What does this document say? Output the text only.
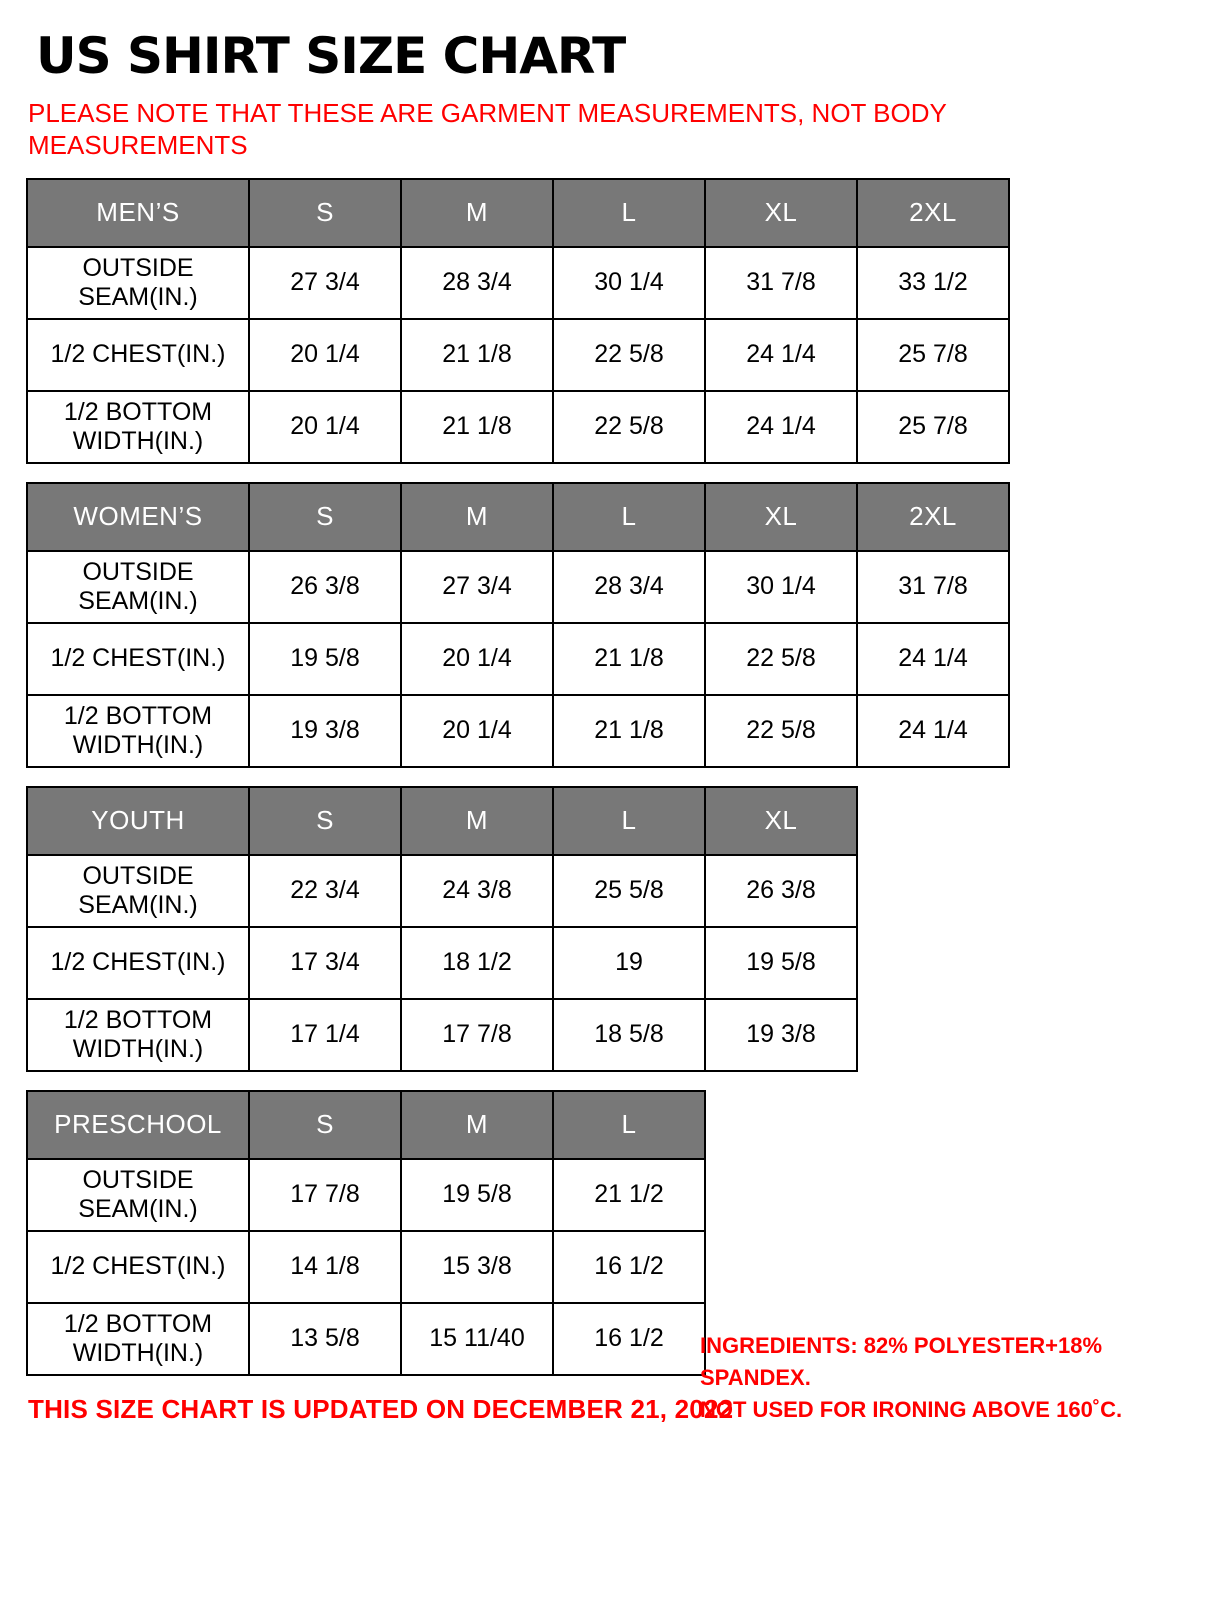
US SHIRT SIZE CHART
PLEASE NOTE THAT THESE ARE GARMENT MEASUREMENTS, NOT BODY MEASUREMENTS
MEN’S	S	M	L	XL	2XL
OUTSIDE SEAM(IN.)	27 3/4	28 3/4	30 1/4	31 7/8	33 1/2
1/2 CHEST(IN.)	20 1/4	21 1/8	22 5/8	24 1/4	25 7/8
1/2 BOTTOM WIDTH(IN.)	20 1/4	21 1/8	22 5/8	24 1/4	25 7/8
WOMEN’S	S	M	L	XL	2XL
OUTSIDE SEAM(IN.)	26 3/8	27 3/4	28 3/4	30 1/4	31 7/8
1/2 CHEST(IN.)	19 5/8	20 1/4	21 1/8	22 5/8	24 1/4
1/2 BOTTOM WIDTH(IN.)	19 3/8	20 1/4	21 1/8	22 5/8	24 1/4
YOUTH	S	M	L	XL
OUTSIDE SEAM(IN.)	22 3/4	24 3/8	25 5/8	26 3/8
1/2 CHEST(IN.)	17 3/4	18 1/2	19	19 5/8
1/2 BOTTOM WIDTH(IN.)	17 1/4	17 7/8	18 5/8	19 3/8
PRESCHOOL	S	M	L
OUTSIDE SEAM(IN.)	17 7/8	19 5/8	21 1/2
1/2 CHEST(IN.)	14 1/8	15 3/8	16 1/2
1/2 BOTTOM WIDTH(IN.)	13 5/8	15 11/40	16 1/2
THIS SIZE CHART IS UPDATED ON DECEMBER 21, 2022
INGREDIENTS: 82% POLYESTER+18% SPANDEX.
NOT USED FOR IRONING ABOVE 160˚C.
